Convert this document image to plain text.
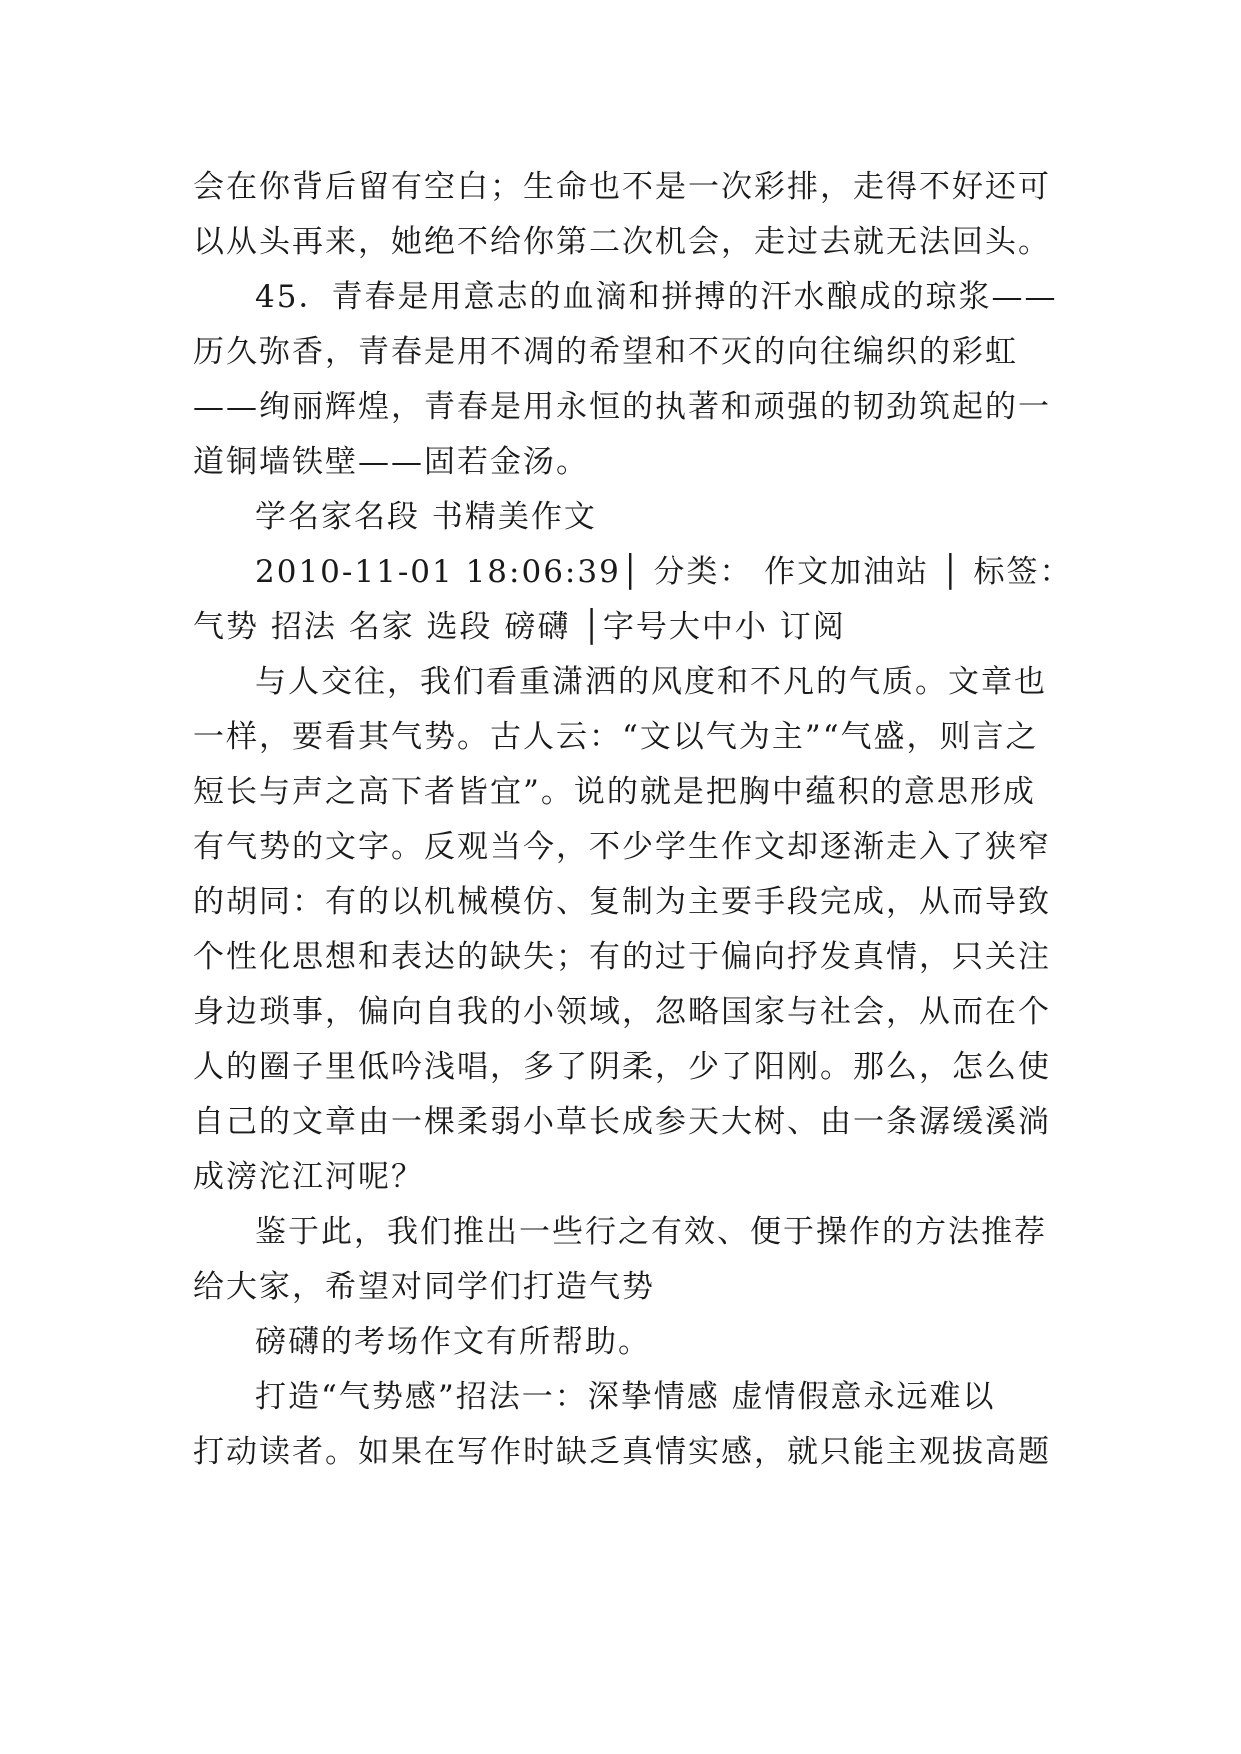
会在你背后留有空白；生命也不是一次彩排，走得不好还可
以从头再来，她绝不给你第二次机会，走过去就无法回头。
45．青春是用意志的血滴和拼搏的汗水酿成的琼浆——
历久弥香，青春是用不凋的希望和不灭的向往编织的彩虹
——绚丽辉煌，青春是用永恒的执著和顽强的韧劲筑起的一
道铜墙铁壁——固若金汤。
学名家名段 书精美作文
2010-11-01 18:06:39│ 分类： 作文加油站 │ 标签：
气势 招法 名家 选段 磅礴 │字号大中小 订阅
与人交往，我们看重潇洒的风度和不凡的气质。文章也
一样，要看其气势。古人云：“文以气为主”“气盛，则言之
短长与声之高下者皆宜”。说的就是把胸中蕴积的意思形成
有气势的文字。反观当今，不少学生作文却逐渐走入了狭窄
的胡同：有的以机械模仿、复制为主要手段完成，从而导致
个性化思想和表达的缺失；有的过于偏向抒发真情，只关注
身边琐事，偏向自我的小领域，忽略国家与社会，从而在个
人的圈子里低吟浅唱，多了阴柔，少了阳刚。那么，怎么使
自己的文章由一棵柔弱小草长成参天大树、由一条潺缓溪淌
成滂沱江河呢？
鉴于此，我们推出一些行之有效、便于操作的方法推荐
给大家，希望对同学们打造气势
磅礴的考场作文有所帮助。
打造“气势感”招法一：深挚情感 虚情假意永远难以
打动读者。如果在写作时缺乏真情实感，就只能主观拔高题
